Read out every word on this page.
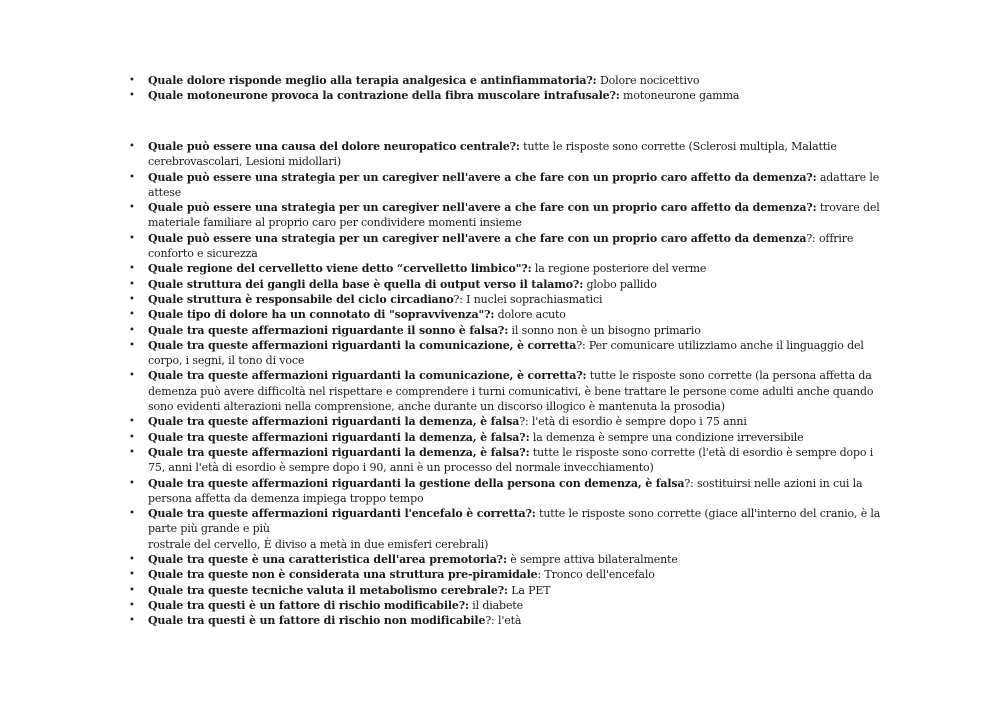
• Quale dolore risponde meglio alla terapia analgesica e antinfiammatoria?: Dolore nocicettivo
• Quale motoneurone provoca la contrazione della fibra muscolare intrafusale?: motoneurone gamma
• Quale può essere una causa del dolore neuropatico centrale?: tutte le risposte sono corrette (Sclerosi multipla, Malattie cerebrovascolari, Lesioni midollari)
• Quale può essere una strategia per un caregiver nell'avere a che fare con un proprio caro affetto da demenza?: adattare le attese
• Quale può essere una strategia per un caregiver nell'avere a che fare con un proprio caro affetto da demenza?: trovare del materiale familiare al proprio caro per condividere momenti insieme
• Quale può essere una strategia per un caregiver nell'avere a che fare con un proprio caro affetto da demenza?: offrire conforto e sicurezza
• Quale regione del cervelletto viene detto “cervelletto limbico"?: la regione posteriore del verme
• Quale struttura dei gangli della base è quella di output verso il talamo?: globo pallido
• Quale struttura è responsabile del ciclo circadiano?: I nuclei soprachiasmatici
• Quale tipo di dolore ha un connotato di "sopravvivenza"?: dolore acuto
• Quale tra queste affermazioni riguardante il sonno è falsa?: il sonno non è un bisogno primario
• Quale tra queste affermazioni riguardanti la comunicazione, è corretta?: Per comunicare utilizziamo anche il linguaggio del corpo, i segni, il tono di voce
• Quale tra queste affermazioni riguardanti la comunicazione, è corretta?: tutte le risposte sono corrette (la persona affetta da demenza può avere difficoltà nel rispettare e comprendere i turni comunicativi, è bene trattare le persone come adulti anche quando sono evidenti alterazioni nella comprensione, anche durante un discorso illogico è mantenuta la prosodia)
• Quale tra queste affermazioni riguardanti la demenza, è falsa?: l'età di esordio è sempre dopo i 75 anni
• Quale tra queste affermazioni riguardanti la demenza, è falsa?: la demenza è sempre una condizione irreversibile
• Quale tra queste affermazioni riguardanti la demenza, è falsa?: tutte le risposte sono corrette (l'età di esordio è sempre dopo i 75, anni l'età di esordio è sempre dopo i 90, anni è un processo del normale invecchiamento)
• Quale tra queste affermazioni riguardanti la gestione della persona con demenza, è falsa?: sostituirsi nelle azioni in cui la persona affetta da demenza impiega troppo tempo
• Quale tra queste affermazioni riguardanti l'encefalo è corretta?: tutte le risposte sono corrette (giace all'interno del cranio, è la parte più grande e più
rostrale del cervello, È diviso a metà in due emisferi cerebrali)
• Quale tra queste è una caratteristica dell'area premotoria?: è sempre attiva bilateralmente
• Quale tra queste non è considerata una struttura pre-piramidale: Tronco dell'encefalo
• Quale tra queste tecniche valuta il metabolismo cerebrale?: La PET
• Quale tra questi è un fattore di rischio modificabile?: il diabete
• Quale tra questi è un fattore di rischio non modificabile?: l'età
